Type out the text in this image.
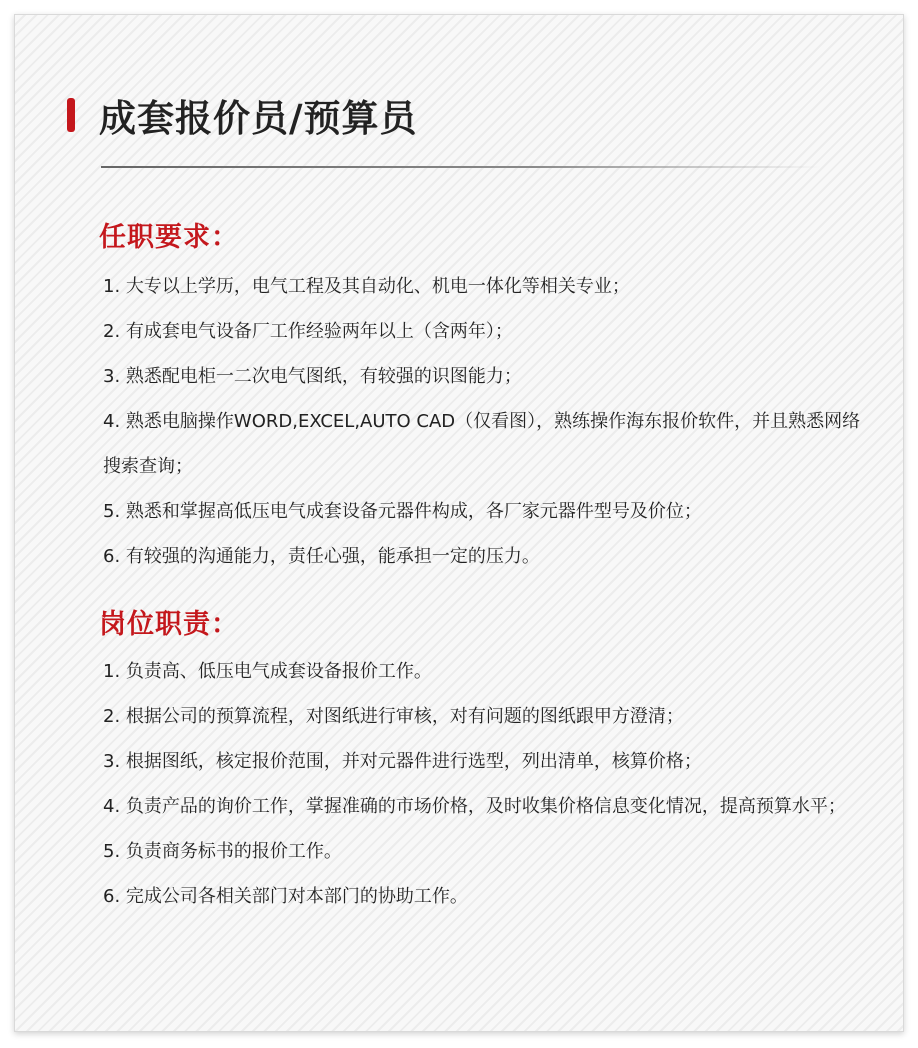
成套报价员/预算员
任职要求：
1. 大专以上学历，电气工程及其自动化、机电一体化等相关专业；
2. 有成套电气设备厂工作经验两年以上（含两年）；
3. 熟悉配电柜一二次电气图纸，有较强的识图能力；
4. 熟悉电脑操作WORD,EXCEL,AUTO CAD（仅看图），熟练操作海东报价软件，并且熟悉网络搜索查询；
5. 熟悉和掌握高低压电气成套设备元器件构成，各厂家元器件型号及价位；
6. 有较强的沟通能力，责任心强，能承担一定的压力。
岗位职责：
1. 负责高、低压电气成套设备报价工作。
2. 根据公司的预算流程，对图纸进行审核，对有问题的图纸跟甲方澄清；
3. 根据图纸，核定报价范围，并对元器件进行选型，列出清单，核算价格；
4. 负责产品的询价工作，掌握准确的市场价格，及时收集价格信息变化情况，提高预算水平；
5. 负责商务标书的报价工作。
6. 完成公司各相关部门对本部门的协助工作。
